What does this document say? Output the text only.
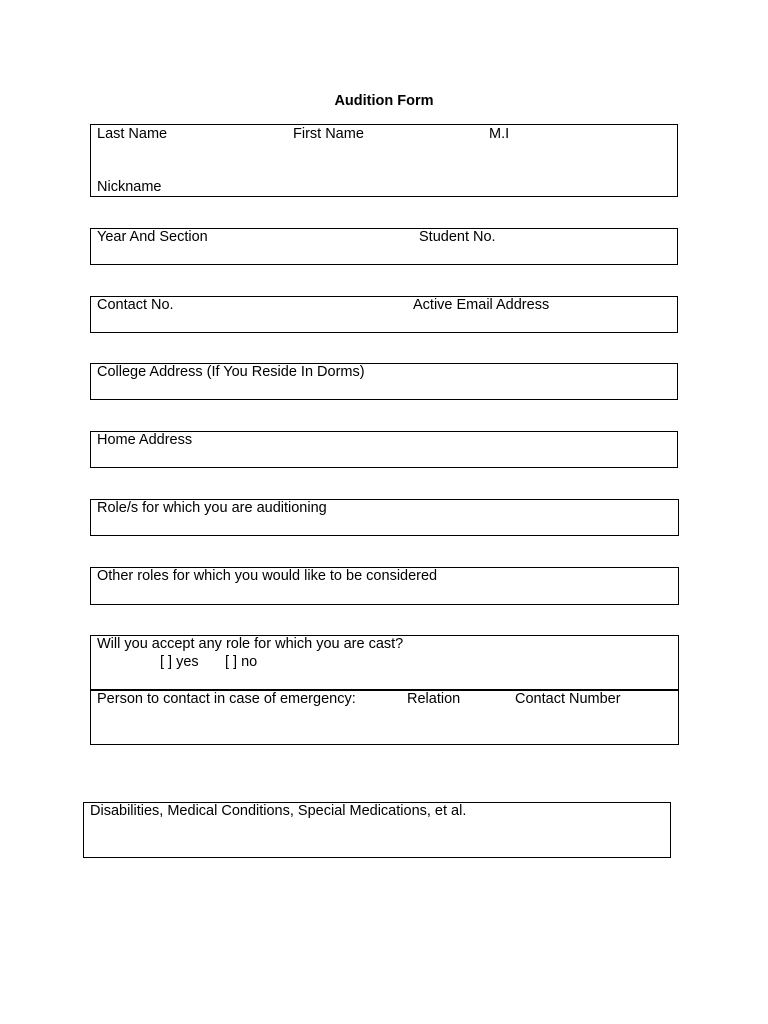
Audition Form
Last Name	First Name	M.I
Nickname
Year And Section	Student No.
Contact No.	Active Email Address
College Address (If You Reside In Dorms)
Home Address
Role/s for which you are auditioning
Other roles for which you would like to be considered
Will you accept any role for which you are cast?
[ ] yes [ ] no
Person to contact in case of emergency:	Relation	Contact Number
Disabilities, Medical Conditions, Special Medications, et al.
